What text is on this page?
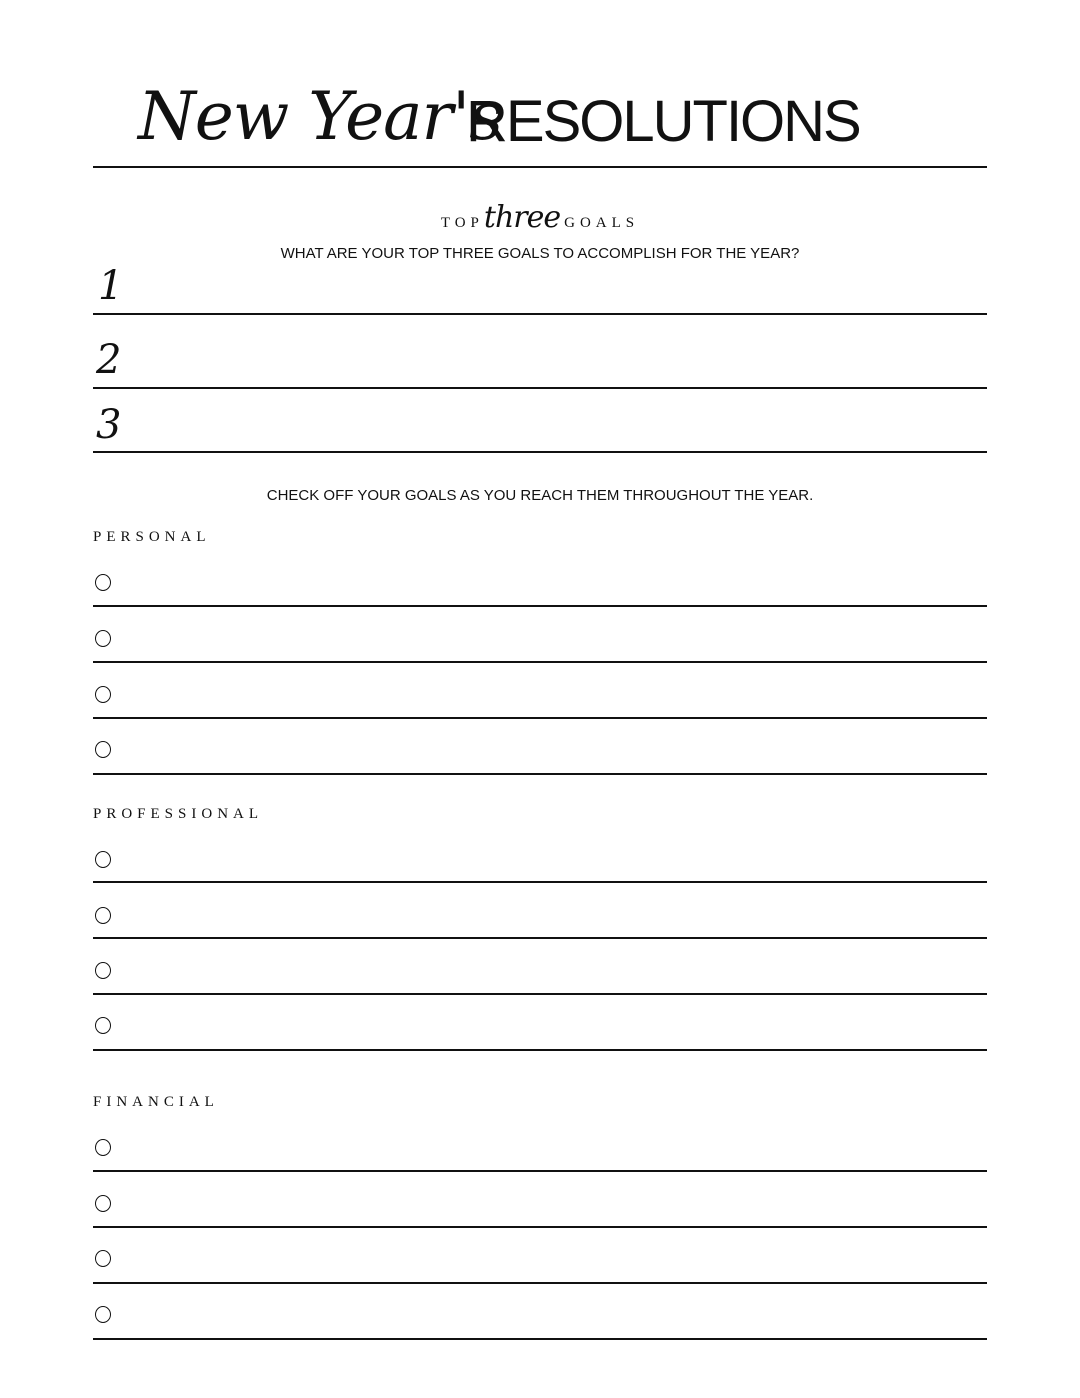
New Year's
RESOLUTIONS
TOPthree GOALS
WHAT ARE YOUR TOP THREE GOALS TO ACCOMPLISH FOR THE YEAR?
1
2
3
CHECK OFF YOUR GOALS AS YOU REACH THEM THROUGHOUT THE YEAR.
PERSONAL
PROFESSIONAL
FINANCIAL
